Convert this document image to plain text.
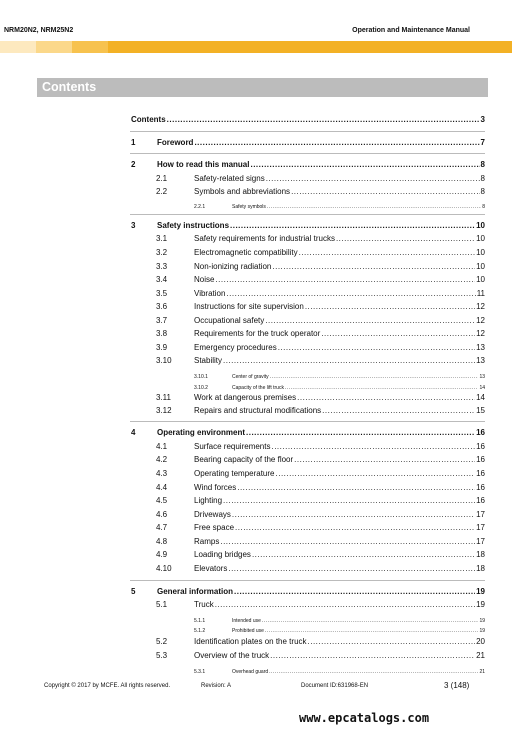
NRM20N2, NRM25N2	Operation and Maintenance Manual
Contents
Contents .....	3
1	Foreword .....	7
2	How to read this manual .....	8
2.1	Safety-related signs .....	8
2.2	Symbols and abbreviations .....	8
2.2.1	Safety symbols .....	8
3	Safety instructions .....	10
3.1	Safety requirements for industrial trucks .....	10
3.2	Electromagnetic compatibility .....	10
3.3	Non-ionizing radiation .....	10
3.4	Noise .....	10
3.5	Vibration .....	11
3.6	Instructions for site supervision .....	12
3.7	Occupational safety .....	12
3.8	Requirements for the truck operator .....	12
3.9	Emergency procedures .....	13
3.10	Stability .....	13
3.10.1	Center of gravity .....	13
3.10.2	Capacity of the lift truck .....	14
3.11	Work at dangerous premises .....	14
3.12	Repairs and structural modifications .....	15
4	Operating environment .....	16
4.1	Surface requirements .....	16
4.2	Bearing capacity of the floor .....	16
4.3	Operating temperature .....	16
4.4	Wind forces .....	16
4.5	Lighting .....	16
4.6	Driveways .....	17
4.7	Free space .....	17
4.8	Ramps .....	17
4.9	Loading bridges .....	18
4.10	Elevators .....	18
5	General information .....	19
5.1	Truck .....	19
5.1.1	Intended use .....	19
5.1.2	Prohibited use .....	19
5.2	Identification plates on the truck .....	20
5.3	Overview of the truck .....	21
5.3.1	Overhead guard .....	21
Copyright © 2017 by MCFE. All rights reserved.	Revision: A	Document ID:631968-EN	3 (148)
www.epcatalogs.com
